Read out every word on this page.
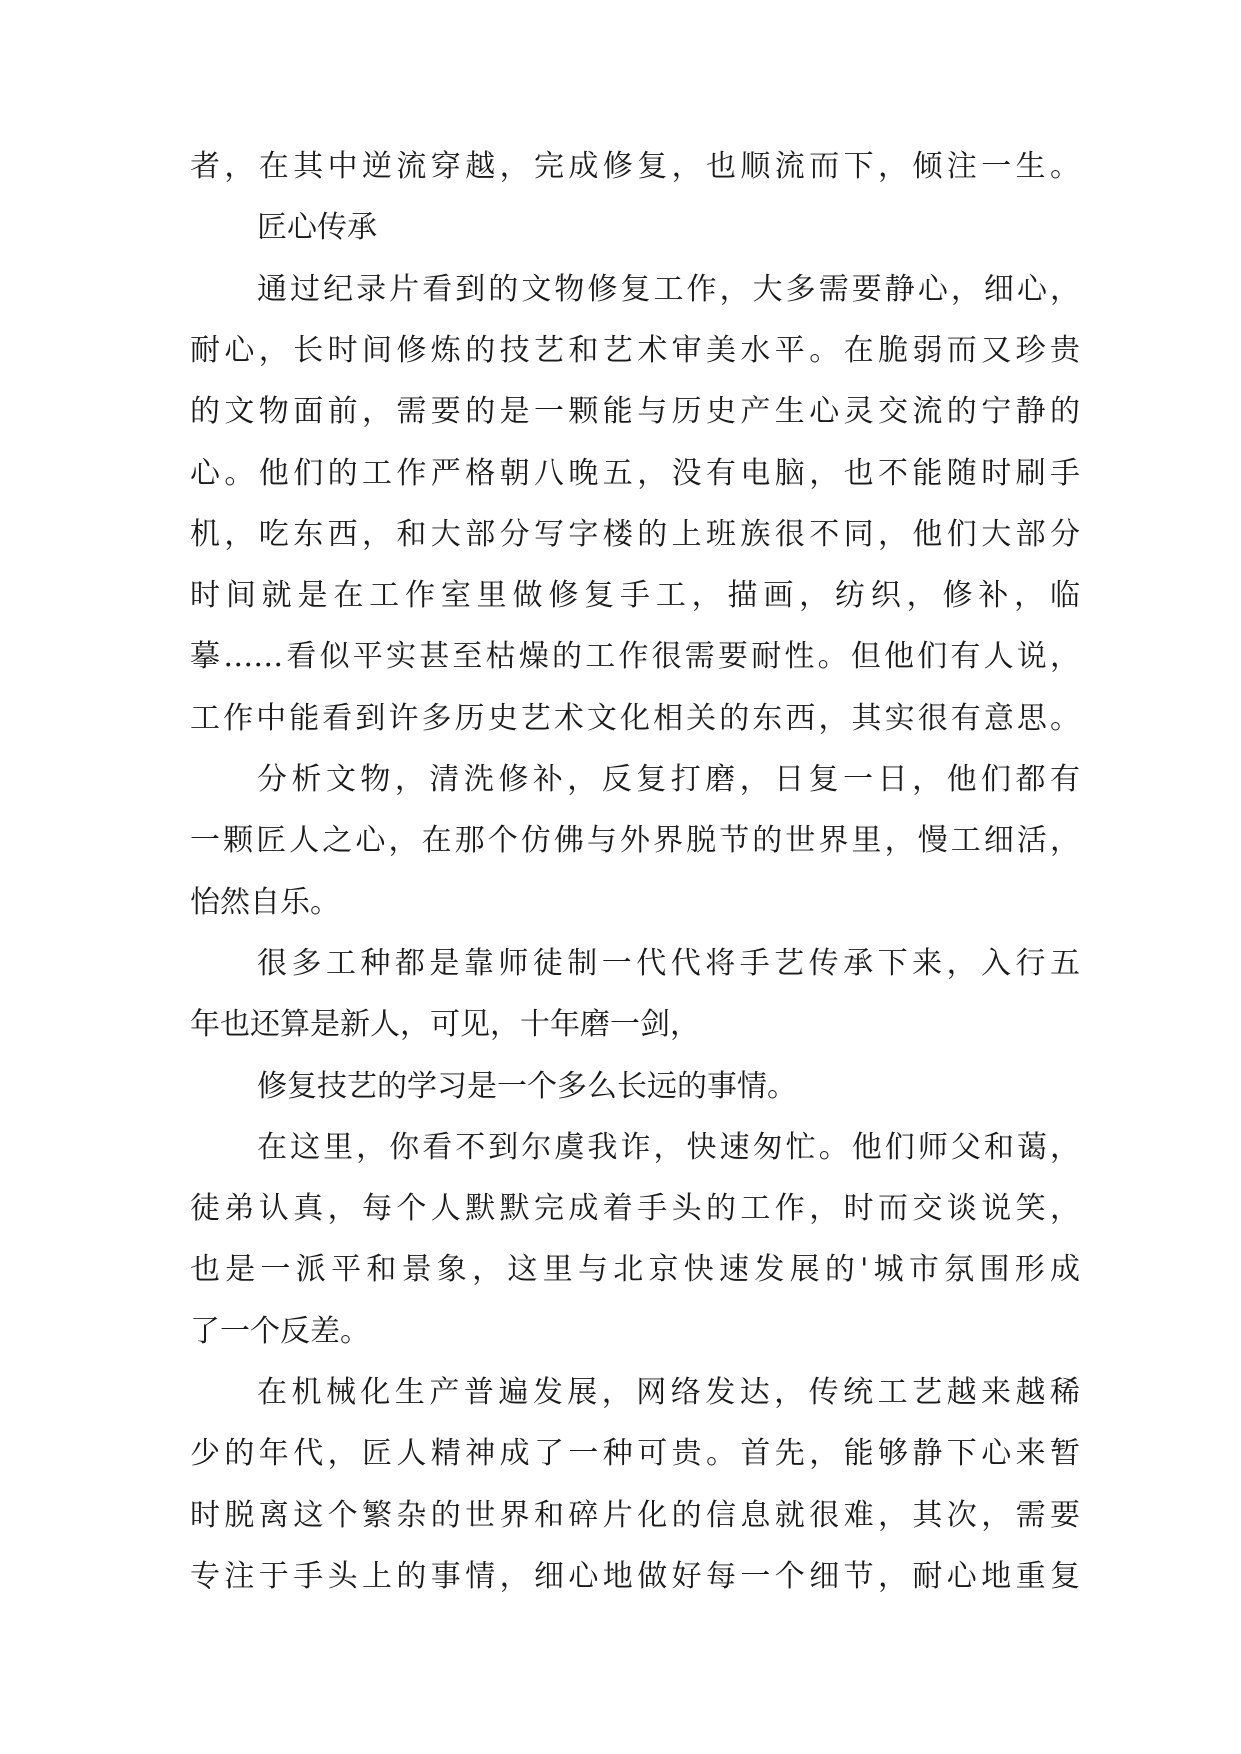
者，在其中逆流穿越，完成修复，也顺流而下，倾注一生。
匠心传承
通过纪录片看到的文物修复工作，大多需要静心，细心，
耐心，长时间修炼的技艺和艺术审美水平。在脆弱而又珍贵
的文物面前，需要的是一颗能与历史产生心灵交流的宁静的
心。他们的工作严格朝八晚五，没有电脑，也不能随时刷手
机，吃东西，和大部分写字楼的上班族很不同，他们大部分
时间就是在工作室里做修复手工，描画，纺织，修补，临
摹……看似平实甚至枯燥的工作很需要耐性。但他们有人说，
工作中能看到许多历史艺术文化相关的东西，其实很有意思。
分析文物，清洗修补，反复打磨，日复一日，他们都有
一颗匠人之心，在那个仿佛与外界脱节的世界里，慢工细活，
怡然自乐。
很多工种都是靠师徒制一代代将手艺传承下来，入行五
年也还算是新人，可见，十年磨一剑，
修复技艺的学习是一个多么长远的事情。
在这里，你看不到尔虞我诈，快速匆忙。他们师父和蔼，
徒弟认真，每个人默默完成着手头的工作，时而交谈说笑，
也是一派平和景象，这里与北京快速发展的'城市氛围形成
了一个反差。
在机械化生产普遍发展，网络发达，传统工艺越来越稀
少的年代，匠人精神成了一种可贵。首先，能够静下心来暂
时脱离这个繁杂的世界和碎片化的信息就很难，其次，需要
专注于手头上的事情，细心地做好每一个细节，耐心地重复
